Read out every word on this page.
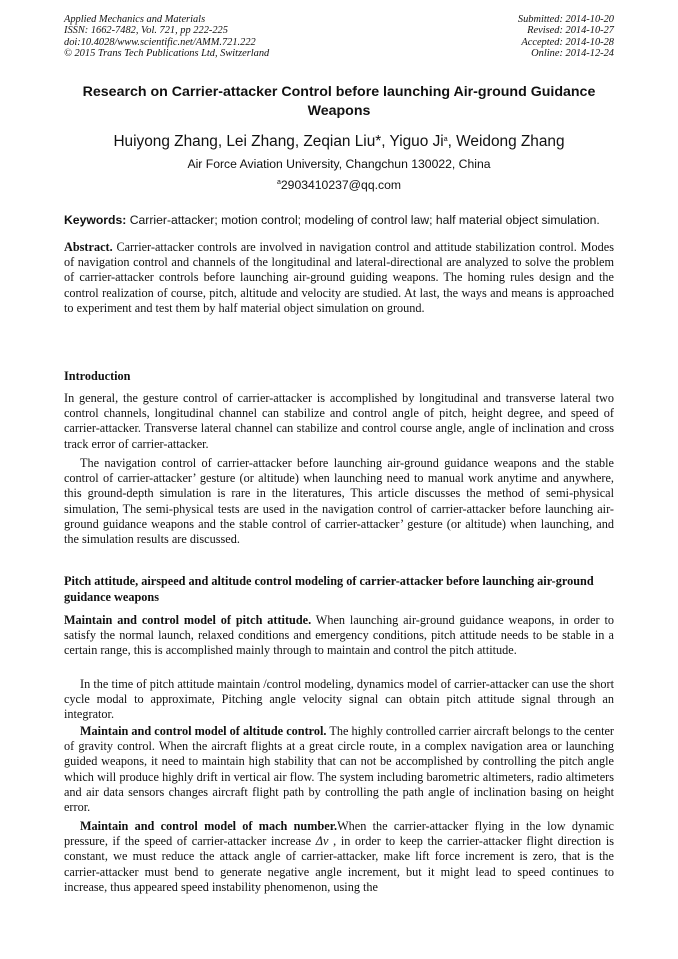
Applied Mechanics and Materials
ISSN: 1662-7482, Vol. 721, pp 222-225
doi:10.4028/www.scientific.net/AMM.721.222
© 2015 Trans Tech Publications Ltd, Switzerland
Submitted: 2014-10-20
Revised: 2014-10-27
Accepted: 2014-10-28
Online: 2014-12-24
Research on Carrier-attacker Control before launching Air-ground Guidance Weapons
Huiyong Zhang, Lei Zhang, Zeqian Liu*, Yiguo Ji$^a$, Weidong Zhang
Air Force Aviation University, Changchun 130022, China
$^a$2903410237@qq.com
Keywords: Carrier-attacker; motion control; modeling of control law; half material object simulation.
Abstract. Carrier-attacker controls are involved in navigation control and attitude stabilization control. Modes of navigation control and channels of the longitudinal and lateral-directional are analyzed to solve the problem of carrier-attacker controls before launching air-ground guiding weapons. The homing rules design and the control realization of course, pitch, altitude and velocity are studied. At last, the ways and means is approached to experiment and test them by half material object simulation on ground.
Introduction
In general, the gesture control of carrier-attacker is accomplished by longitudinal and transverse lateral two control channels, longitudinal channel can stabilize and control angle of pitch, height degree, and speed of carrier-attacker. Transverse lateral channel can stabilize and control course angle, angle of inclination and cross track error of carrier-attacker.
The navigation control of carrier-attacker before launching air-ground guidance weapons and the stable control of carrier-attacker’ gesture (or altitude) when launching need to manual work anytime and anywhere, this ground-depth simulation is rare in the literatures, This article discusses the method of semi-physical simulation, The semi-physical tests are used in the navigation control of carrier-attacker before launching air-ground guidance weapons and the stable control of carrier-attacker’ gesture (or altitude) when launching, and the simulation results are discussed.
Pitch attitude, airspeed and altitude control modeling of carrier-attacker before launching air-ground guidance weapons
Maintain and control model of pitch attitude. When launching air-ground guidance weapons, in order to satisfy the normal launch, relaxed conditions and emergency conditions, pitch attitude needs to be stable in a certain range, this is accomplished mainly through to maintain and control the pitch attitude.
In the time of pitch attitude maintain /control modeling, dynamics model of carrier-attacker can use the short cycle modal to approximate, Pitching angle velocity signal can obtain pitch attitude signal through an integrator.
Maintain and control model of altitude control. The highly controlled carrier aircraft belongs to the center of gravity control. When the aircraft flights at a great circle route, in a complex navigation area or launching guided weapons, it need to maintain high stability that can not be accomplished by controlling the pitch angle which will produce highly drift in vertical air flow. The system including barometric altimeters, radio altimeters and air data sensors changes aircraft flight path by controlling the path angle of inclination basing on height error.
Maintain and control model of mach number.When the carrier-attacker flying in the low dynamic pressure, if the speed of carrier-attacker increase Δv , in order to keep the carrier-attacker flight direction is constant, we must reduce the attack angle of carrier-attacker, make lift force increment is zero, that is the carrier-attacker must bend to generate negative angle increment, but it might lead to speed continues to increase, thus appeared speed instability phenomenon, using the
